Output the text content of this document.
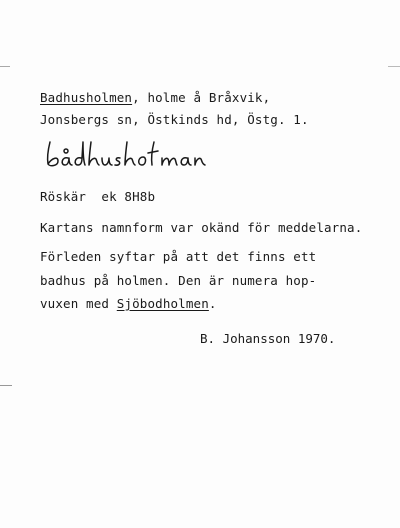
Badhusholmen, holme å Bråxvik,
Jonsbergs sn, Östkinds hd, Östg. 1.
Röskär  ek 8H8b
Kartans namnform var okänd för meddelarna.
Förleden syftar på att det finns ett
badhus på holmen. Den är numera hop-
vuxen med Sjöbodholmen.
B. Johansson 1970.
